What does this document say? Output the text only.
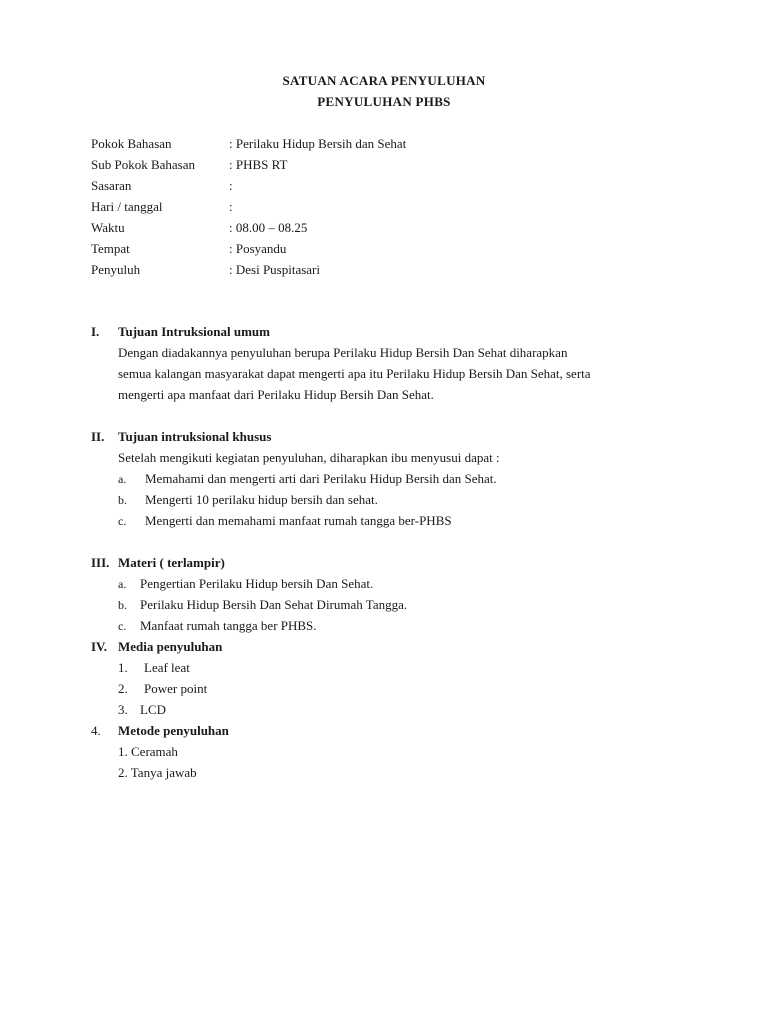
SATUAN ACARA PENYULUHAN
PENYULUHAN PHBS
Pokok Bahasan	: Perilaku Hidup Bersih dan Sehat
Sub Pokok Bahasan	: PHBS RT
Sasaran	:
Hari / tanggal	:
Waktu	: 08.00 – 08.25
Tempat	: Posyandu
Penyuluh	: Desi Puspitasari
I. Tujuan Intruksional umum
Dengan diadakannya penyuluhan berupa Perilaku Hidup Bersih Dan Sehat diharapkan
semua kalangan masyarakat dapat mengerti apa itu Perilaku Hidup Bersih Dan Sehat, serta
mengerti apa manfaat dari Perilaku Hidup Bersih Dan Sehat.
II. Tujuan intruksional khusus
Setelah mengikuti kegiatan penyuluhan, diharapkan ibu menyusui dapat :
a. Memahami dan mengerti arti dari Perilaku Hidup Bersih dan Sehat.
b. Mengerti 10 perilaku hidup bersih dan sehat.
c. Mengerti dan memahami manfaat rumah tangga ber-PHBS
III. Materi ( terlampir)
a. Pengertian Perilaku Hidup bersih Dan Sehat.
b. Perilaku Hidup Bersih Dan Sehat Dirumah Tangga.
c. Manfaat rumah tangga ber PHBS.
IV. Media penyuluhan
1. Leaf leat
2. Power point
3. LCD
4. Metode penyuluhan
1. Ceramah
2. Tanya jawab
